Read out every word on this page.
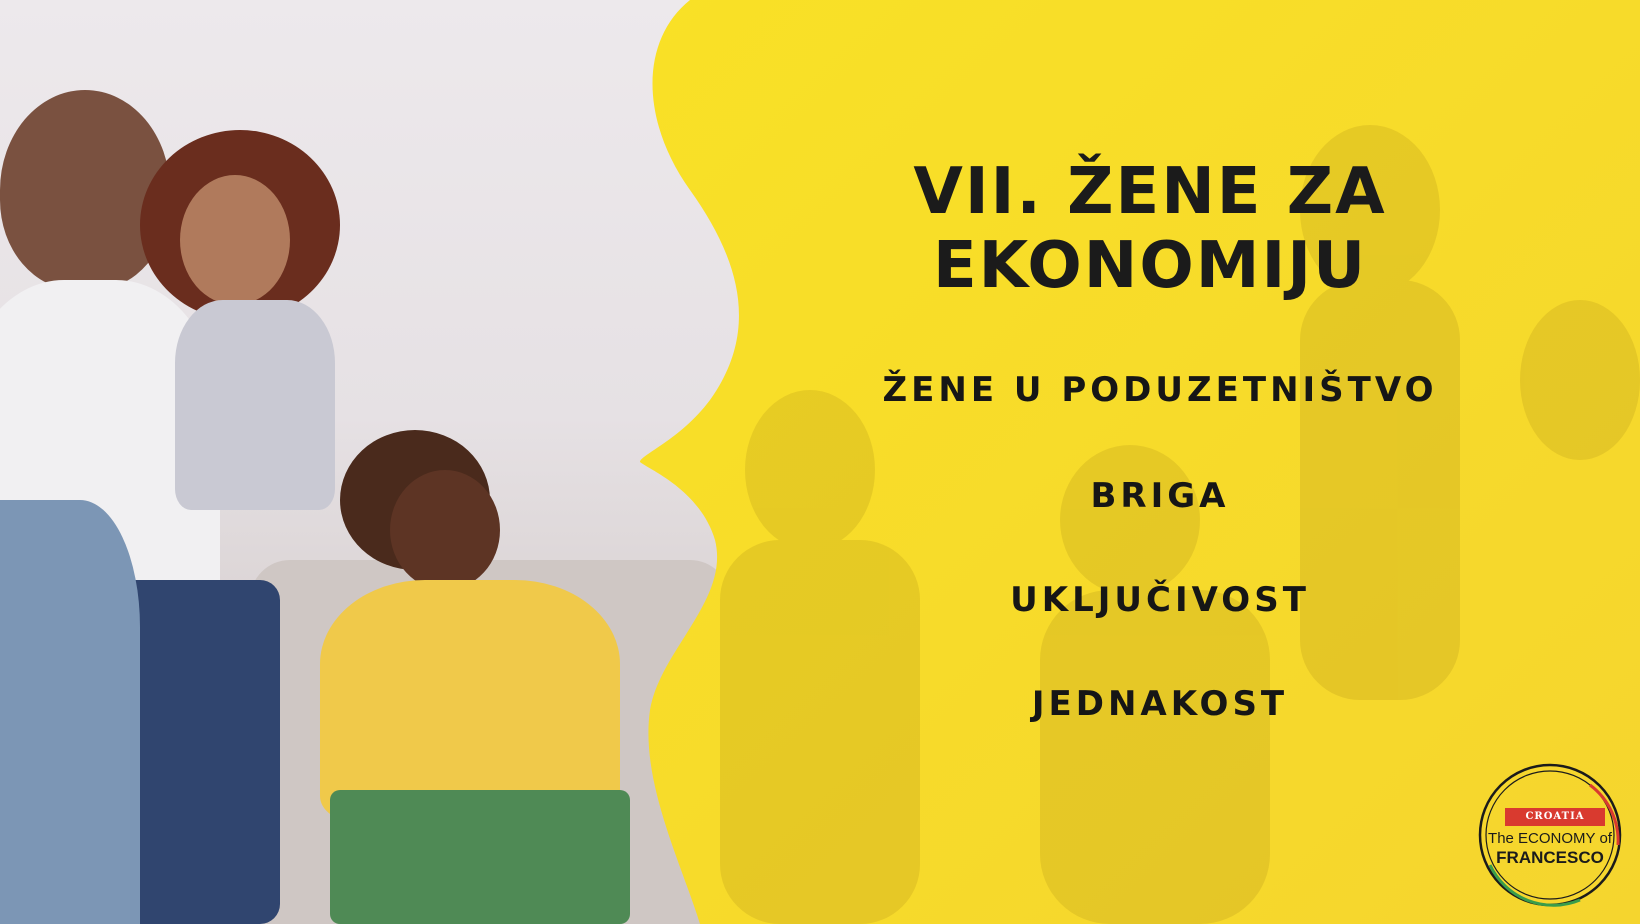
VII. ŽENE ZA EKONOMIJU
ŽENE U PODUZETNIŠTVO
BRIGA
UKLJUČIVOST
JEDNAKOST
CROATIA
The ECONOMY of
FRANCESCO
